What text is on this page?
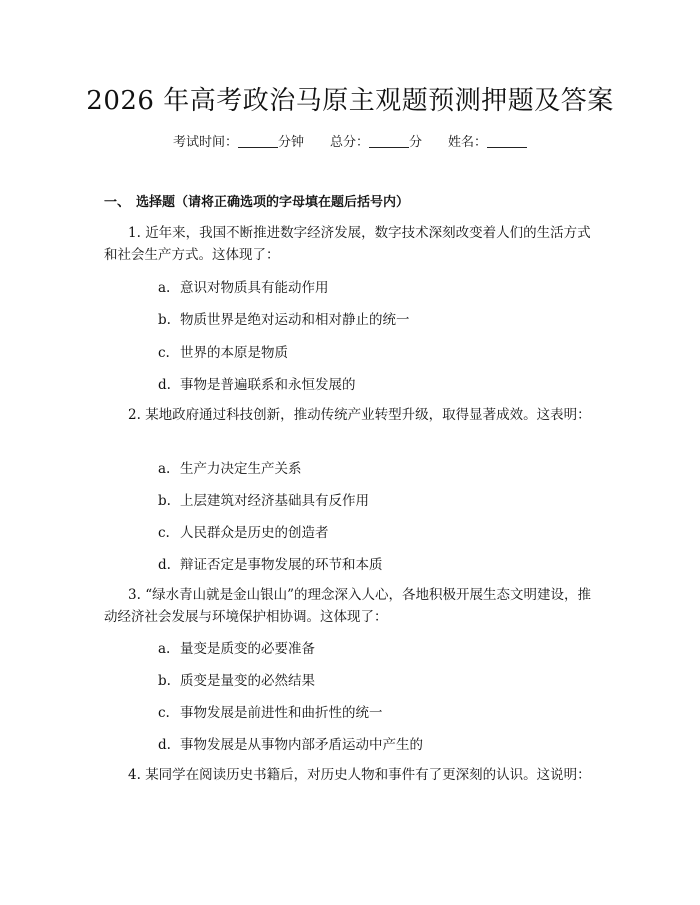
2026 年高考政治马原主观题预测押题及答案
考试时间：	分钟 总分：	分 姓名：
一、 选择题（请将正确选项的字母填在题后括号内）
1. 近年来，我国不断推进数字经济发展，数字技术深刻改变着人们的生活方式和社会生产方式。这体现了：
a. 意识对物质具有能动作用
b. 物质世界是绝对运动和相对静止的统一
c. 世界的本原是物质
d. 事物是普遍联系和永恒发展的
2. 某地政府通过科技创新，推动传统产业转型升级，取得显著成效。这表明：
a. 生产力决定生产关系
b. 上层建筑对经济基础具有反作用
c. 人民群众是历史的创造者
d. 辩证否定是事物发展的环节和本质
3. “绿水青山就是金山银山”的理念深入人心，各地积极开展生态文明建设，推动经济社会发展与环境保护相协调。这体现了：
a. 量变是质变的必要准备
b. 质变是量变的必然结果
c. 事物发展是前进性和曲折性的统一
d. 事物发展是从事物内部矛盾运动中产生的
4. 某同学在阅读历史书籍后，对历史人物和事件有了更深刻的认识。这说明：
